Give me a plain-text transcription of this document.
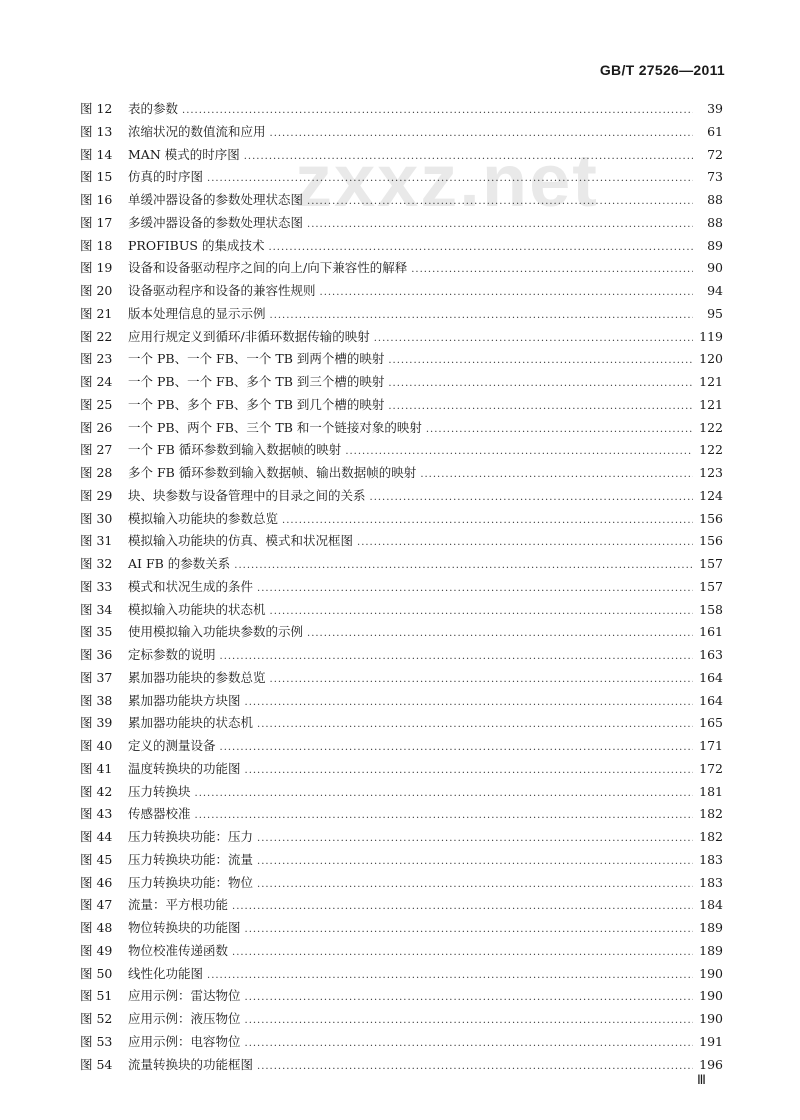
GB/T 27526—2011
zxxz.net
图 12	表的参数 .....	39
图 13	浓缩状况的数值流和应用 .....	61
图 14	MAN 模式的时序图 .....	72
图 15	仿真的时序图 .....	73
图 16	单缓冲器设备的参数处理状态图 .....	88
图 17	多缓冲器设备的参数处理状态图 .....	88
图 18	PROFIBUS 的集成技术 .....	89
图 19	设备和设备驱动程序之间的向上/向下兼容性的解释 .....	90
图 20	设备驱动程序和设备的兼容性规则 .....	94
图 21	版本处理信息的显示示例 .....	95
图 22	应用行规定义到循环/非循环数据传输的映射 .....	119
图 23	一个 PB、一个 FB、一个 TB 到两个槽的映射 .....	120
图 24	一个 PB、一个 FB、多个 TB 到三个槽的映射 .....	121
图 25	一个 PB、多个 FB、多个 TB 到几个槽的映射 .....	121
图 26	一个 PB、两个 FB、三个 TB 和一个链接对象的映射 .....	122
图 27	一个 FB 循环参数到输入数据帧的映射 .....	122
图 28	多个 FB 循环参数到输入数据帧、输出数据帧的映射 .....	123
图 29	块、块参数与设备管理中的目录之间的关系 .....	124
图 30	模拟输入功能块的参数总览 .....	156
图 31	模拟输入功能块的仿真、模式和状况框图 .....	156
图 32	AI FB 的参数关系 .....	157
图 33	模式和状况生成的条件 .....	157
图 34	模拟输入功能块的状态机 .....	158
图 35	使用模拟输入功能块参数的示例 .....	161
图 36	定标参数的说明 .....	163
图 37	累加器功能块的参数总览 .....	164
图 38	累加器功能块方块图 .....	164
图 39	累加器功能块的状态机 .....	165
图 40	定义的测量设备 .....	171
图 41	温度转换块的功能图 .....	172
图 42	压力转换块 .....	181
图 43	传感器校准 .....	182
图 44	压力转换块功能：压力 .....	182
图 45	压力转换块功能：流量 .....	183
图 46	压力转换块功能：物位 .....	183
图 47	流量：平方根功能 .....	184
图 48	物位转换块的功能图 .....	189
图 49	物位校准传递函数 .....	189
图 50	线性化功能图 .....	190
图 51	应用示例：雷达物位 .....	190
图 52	应用示例：液压物位 .....	190
图 53	应用示例：电容物位 .....	191
图 54	流量转换块的功能框图 .....	196
Ⅲ
